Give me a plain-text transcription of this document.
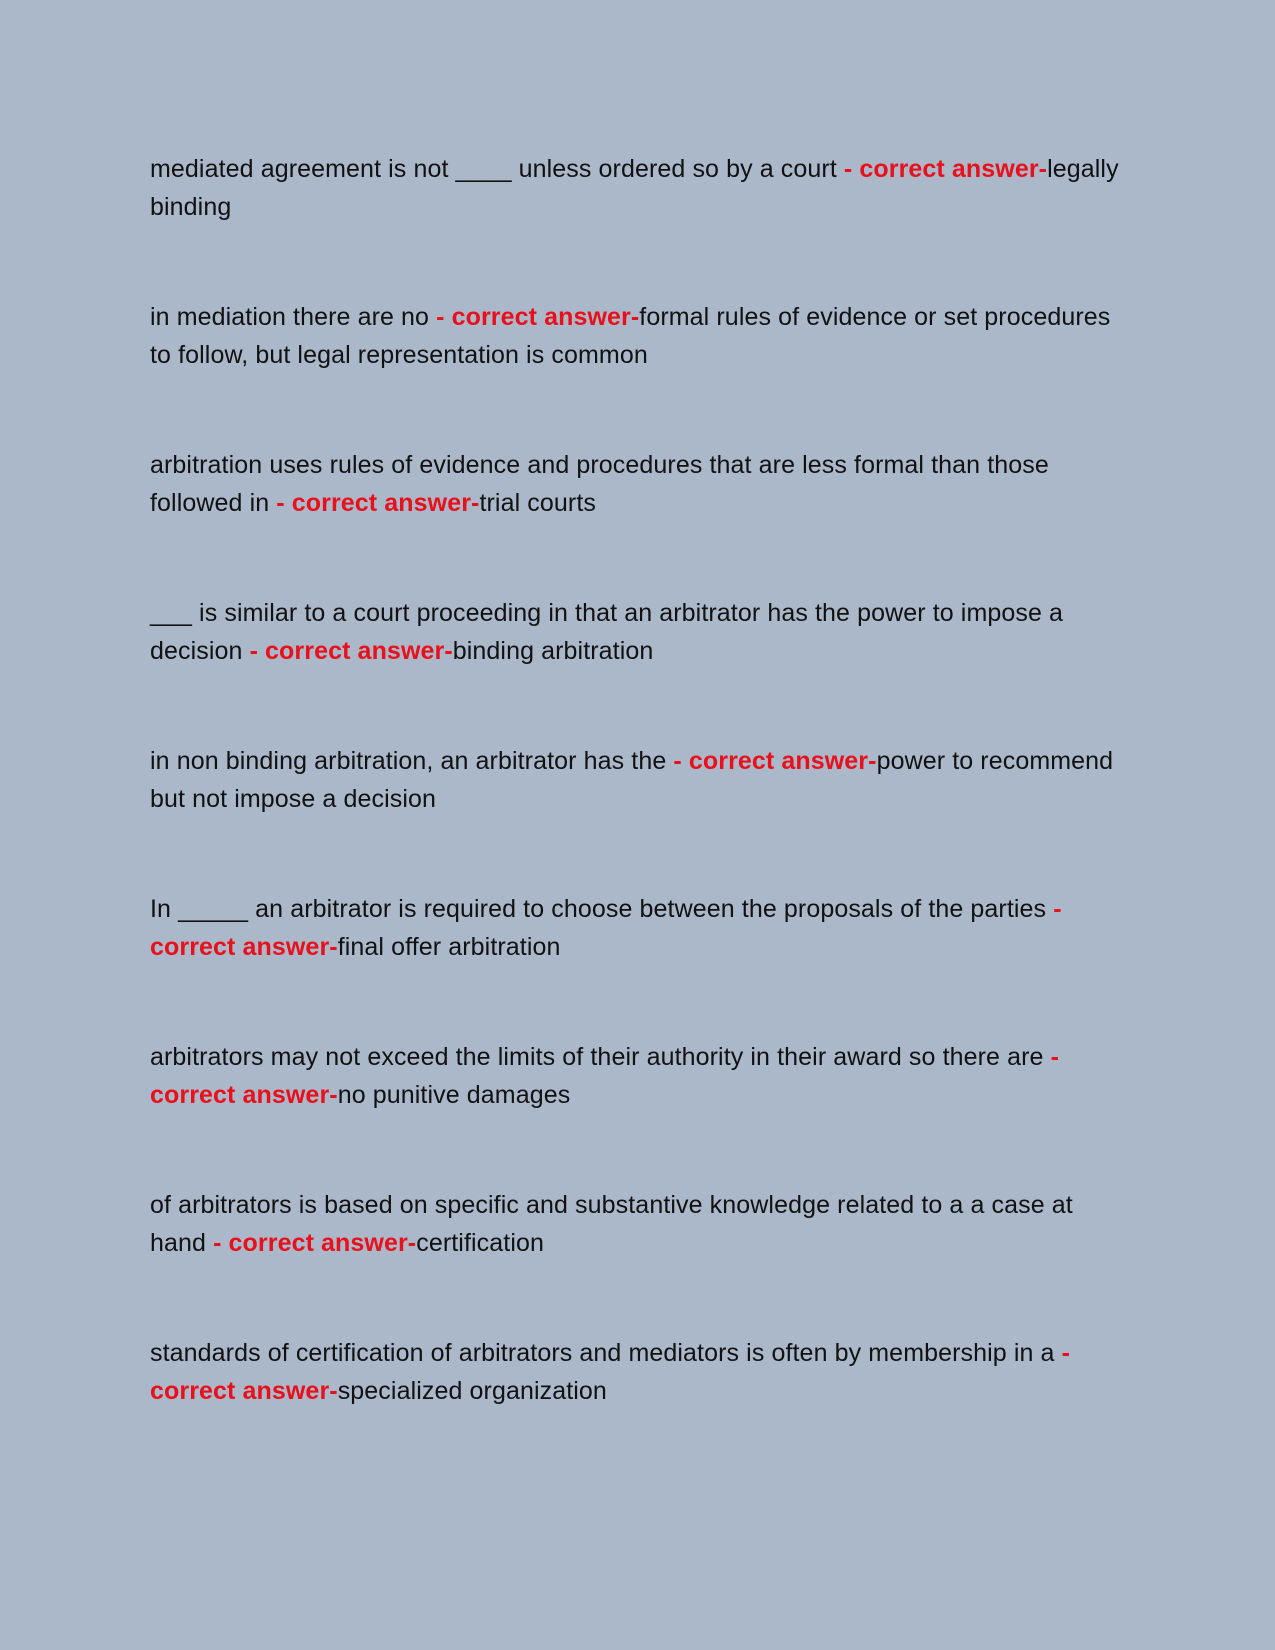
mediated agreement is not ____ unless ordered so by a court - correct answer-legally binding

in mediation there are no - correct answer-formal rules of evidence or set procedures to follow, but legal representation is common

arbitration uses rules of evidence and procedures that are less formal than those followed in - correct answer-trial courts

___ is similar to a court proceeding in that an arbitrator has the power to impose a decision - correct answer-binding arbitration

in non binding arbitration, an arbitrator has the - correct answer-power to recommend but not impose a decision

In _____ an arbitrator is required to choose between the proposals of the parties - correct answer-final offer arbitration

arbitrators may not exceed the limits of their authority in their award so there are - correct answer-no punitive damages

of arbitrators is based on specific and substantive knowledge related to a a case at hand - correct answer-certification

standards of certification of arbitrators and mediators is often by membership in a - correct answer-specialized organization
